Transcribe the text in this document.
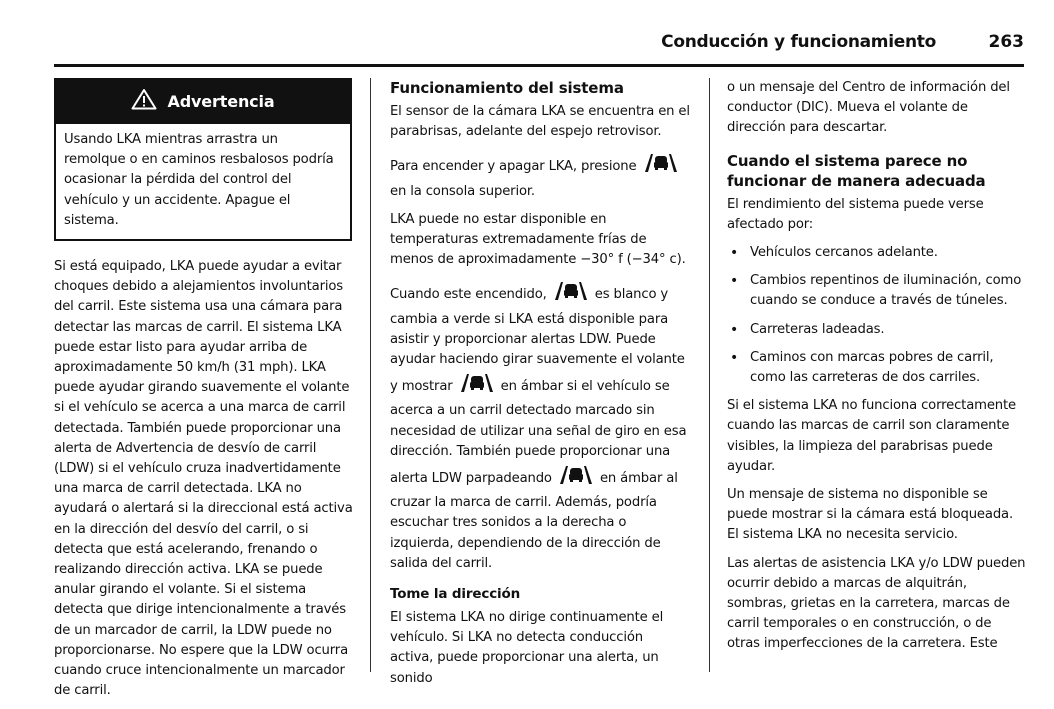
Conducción y funcionamiento	263
Advertencia
Usando LKA mientras arrastra un remolque o en caminos resbalosos podría ocasionar la pérdida del control del vehículo y un accidente. Apague el sistema.

Si está equipado, LKA puede ayudar a evitar choques debido a alejamientos involuntarios del carril. Este sistema usa una cámara para detectar las marcas de carril. El sistema LKA puede estar listo para ayudar arriba de aproximadamente 50 km/h (31 mph). LKA puede ayudar girando suavemente el volante si el vehículo se acerca a una marca de carril detectada. También puede proporcionar una alerta de Advertencia de desvío de carril (LDW) si el vehículo cruza inadvertidamente una marca de carril detectada. LKA no ayudará o alertará si la direccional está activa en la dirección del desvío del carril, o si detecta que está acelerando, frenando o realizando dirección activa. LKA se puede anular girando el volante. Si el sistema detecta que dirige intencionalmente a través de un marcador de carril, la LDW puede no proporcionarse. No espere que la LDW ocurra cuando cruce intencionalmente un marcador de carril.

Funcionamiento del sistema

El sensor de la cámara LKA se encuentra en el parabrisas, adelante del espejo retrovisor.

Para encender y apagar LKA, presione  en la consola superior.

LKA puede no estar disponible en temperaturas extremadamente frías de menos de aproximadamente −30° f (−34° c).

Cuando este encendido,	es blanco y cambia a verde si LKA está disponible para asistir y proporcionar alertas LDW. Puede ayudar haciendo girar suavemente el volante y mostrar	en ámbar si el vehículo se acerca a un carril detectado marcado sin necesidad de utilizar una señal de giro en esa dirección. También puede proporcionar una alerta LDW parpadeando	en ámbar al cruzar la marca de carril. Además, podría escuchar tres sonidos a la derecha o izquierda, dependiendo de la dirección de salida del carril.

Tome la dirección

El sistema LKA no dirige continuamente el vehículo. Si LKA no detecta conducción activa, puede proporcionar una alerta, un sonido

o un mensaje del Centro de información del conductor (DIC). Mueva el volante de dirección para descartar.

Cuando el sistema parece no funcionar de manera adecuada

El rendimiento del sistema puede verse afectado por:

• Vehículos cercanos adelante.
• Cambios repentinos de iluminación, como cuando se conduce a través de túneles.
• Carreteras ladeadas.
• Caminos con marcas pobres de carril, como las carreteras de dos carriles.

Si el sistema LKA no funciona correctamente cuando las marcas de carril son claramente visibles, la limpieza del parabrisas puede ayudar.

Un mensaje de sistema no disponible se puede mostrar si la cámara está bloqueada. El sistema LKA no necesita servicio.

Las alertas de asistencia LKA y/o LDW pueden ocurrir debido a marcas de alquitrán, sombras, grietas en la carretera, marcas de carril temporales o en construcción, o de otras imperfecciones de la carretera. Este
